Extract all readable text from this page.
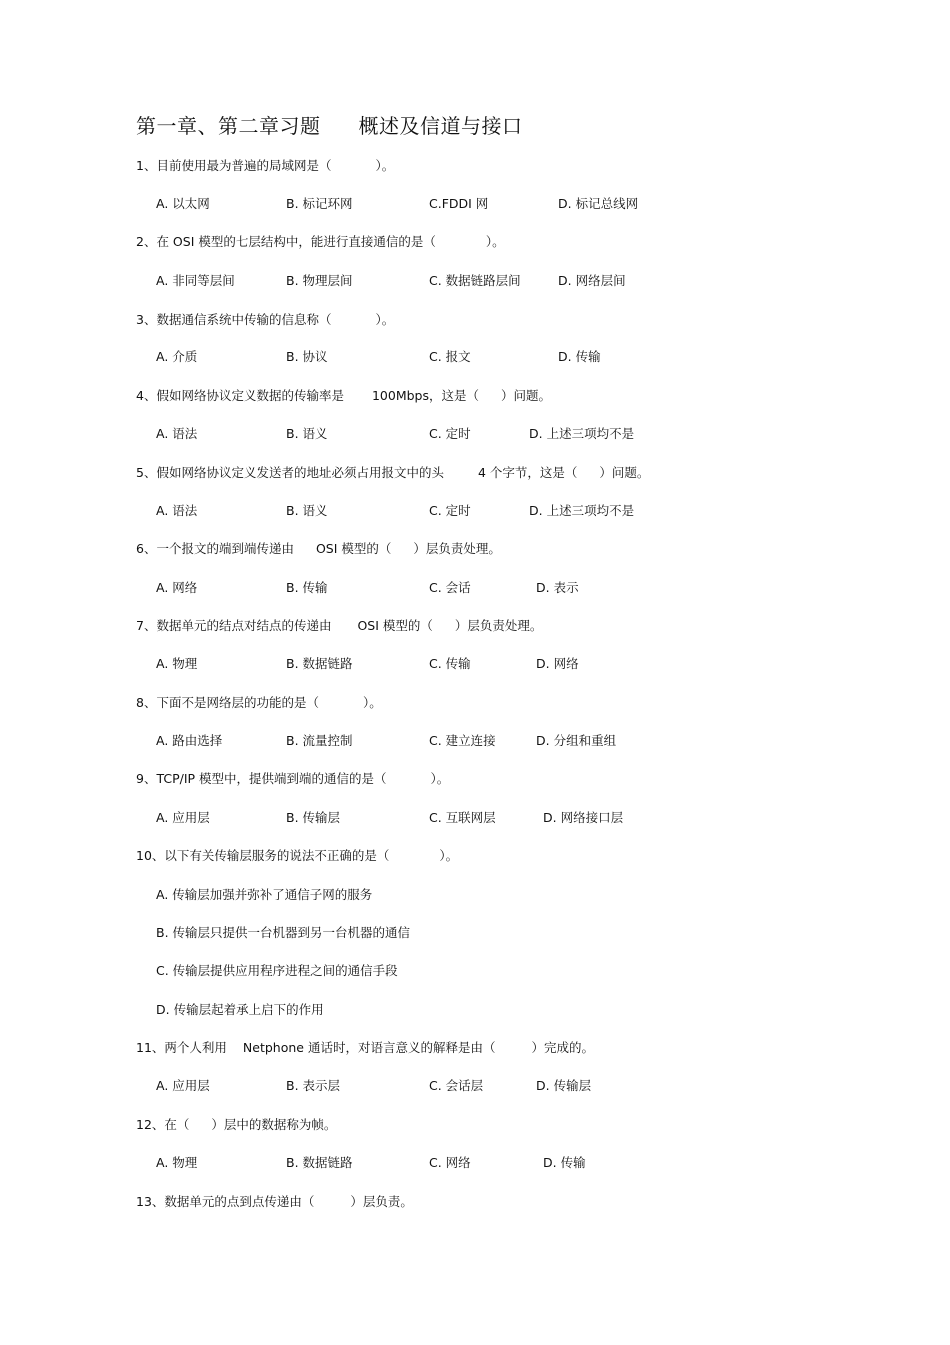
第一章、第二章习题 概述及信道与接口
1、目前使用最为普遍的局域网是（	）。
A. 以太网	B. 标记环网	C.FDDI 网	D. 标记总线网
2、在 OSI 模型的七层结构中，能进行直接通信的是（	）。
A. 非同等层间	B. 物理层间	C. 数据链路层间	D. 网络层间
3、数据通信系统中传输的信息称（	）。
A. 介质	B. 协议	C. 报文	D. 传输
4、假如网络协议定义数据的传输率是 100Mbps，这是（ ）问题。
A. 语法	B. 语义	C. 定时	D. 上述三项均不是
5、假如网络协议定义发送者的地址必须占用报文中的头	4 个字节，这是（ ）问题。
A. 语法	B. 语义	C. 定时	D. 上述三项均不是
6、一个报文的端到端传递由 OSI 模型的（ ）层负责处理。
A. 网络	B. 传输	C. 会话	D. 表示
7、数据单元的结点对结点的传递由 OSI 模型的（ ）层负责处理。
A. 物理	B. 数据链路	C. 传输	D. 网络
8、下面不是网络层的功能的是（	）。
A. 路由选择	B. 流量控制	C. 建立连接	D. 分组和重组
9、TCP/IP 模型中，提供端到端的通信的是（	）。
A. 应用层	B. 传输层	C. 互联网层	D. 网络接口层
10、以下有关传输层服务的说法不正确的是（	）。
A. 传输层加强并弥补了通信子网的服务
B. 传输层只提供一台机器到另一台机器的通信
C. 传输层提供应用程序进程之间的通信手段
D. 传输层起着承上启下的作用
11、两个人利用 Netphone 通话时，对语言意义的解释是由（	）完成的。
A. 应用层	B. 表示层	C. 会话层	D. 传输层
12、在（ ）层中的数据称为帧。
A. 物理	B. 数据链路	C. 网络	D. 传输
13、数据单元的点到点传递由（	）层负责。
